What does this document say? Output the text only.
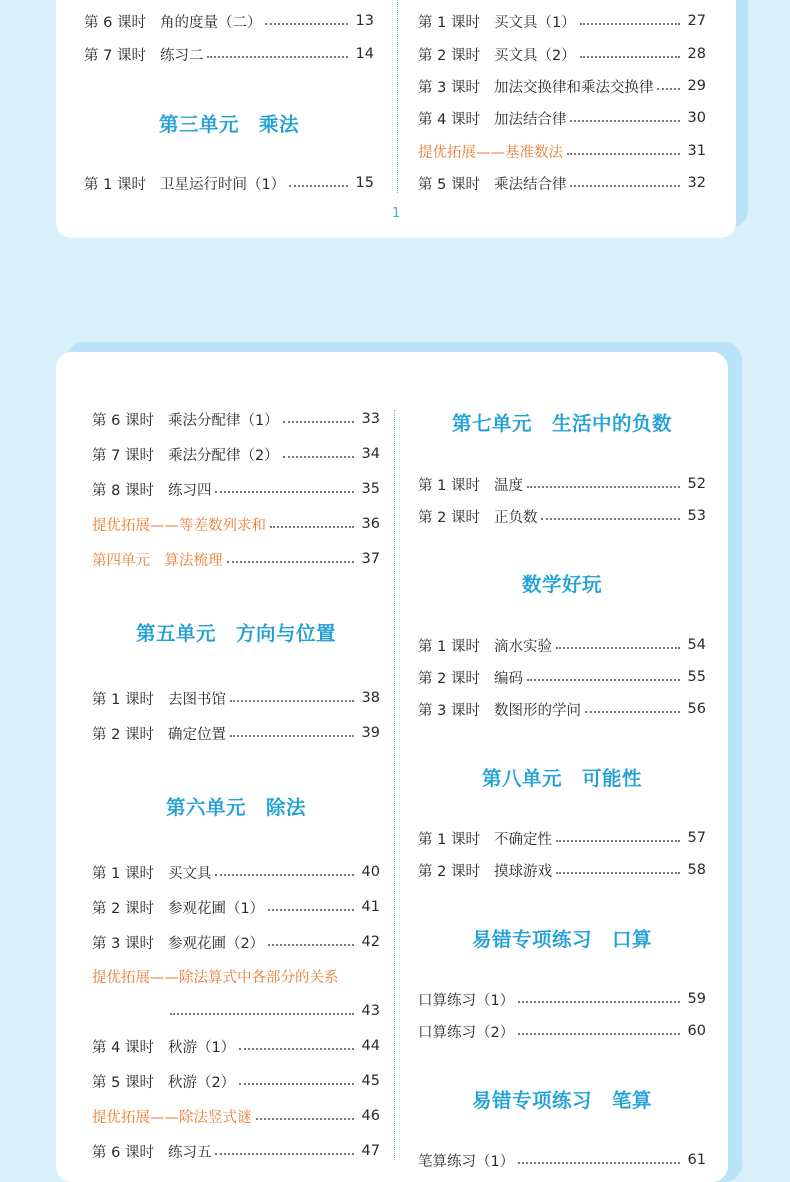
1
第 6 课时 角的度量（二）	13
第 7 课时 练习二	14
第三单元　乘法
第 1 课时 卫星运行时间（1）	15
第 1 课时 买文具（1）	27
第 2 课时 买文具（2）	28
第 3 课时 加法交换律和乘法交换律 29
第 4 课时 加法结合律	30
提优拓展——基准数法	31
第 5 课时 乘法结合律	32
第 6 课时 乘法分配律（1）	33
第 7 课时 乘法分配律（2）	34
第 8 课时 练习四	35
提优拓展——等差数列求和	36
第四单元　算法梳理	37
第五单元　方向与位置
第 1 课时 去图书馆	38
第 2 课时 确定位置	39
第六单元　除法
第 1 课时 买文具	40
第 2 课时 参观花圃（1）	41
第 3 课时 参观花圃（2）	42
提优拓展——除法算式中各部分的关系
43
第 4 课时 秋游（1）	44
第 5 课时 秋游（2）	45
提优拓展——除法竖式谜	46
第 6 课时 练习五	47
第七单元　生活中的负数
第 1 课时 温度	52
第 2 课时 正负数	53
数学好玩
第 1 课时 滴水实验	54
第 2 课时 编码	55
第 3 课时 数图形的学问	56
第八单元　可能性
第 1 课时 不确定性	57
第 2 课时 摸球游戏	58
易错专项练习　口算
口算练习（1）	59
口算练习（2）	60
易错专项练习　笔算
笔算练习（1）	61
